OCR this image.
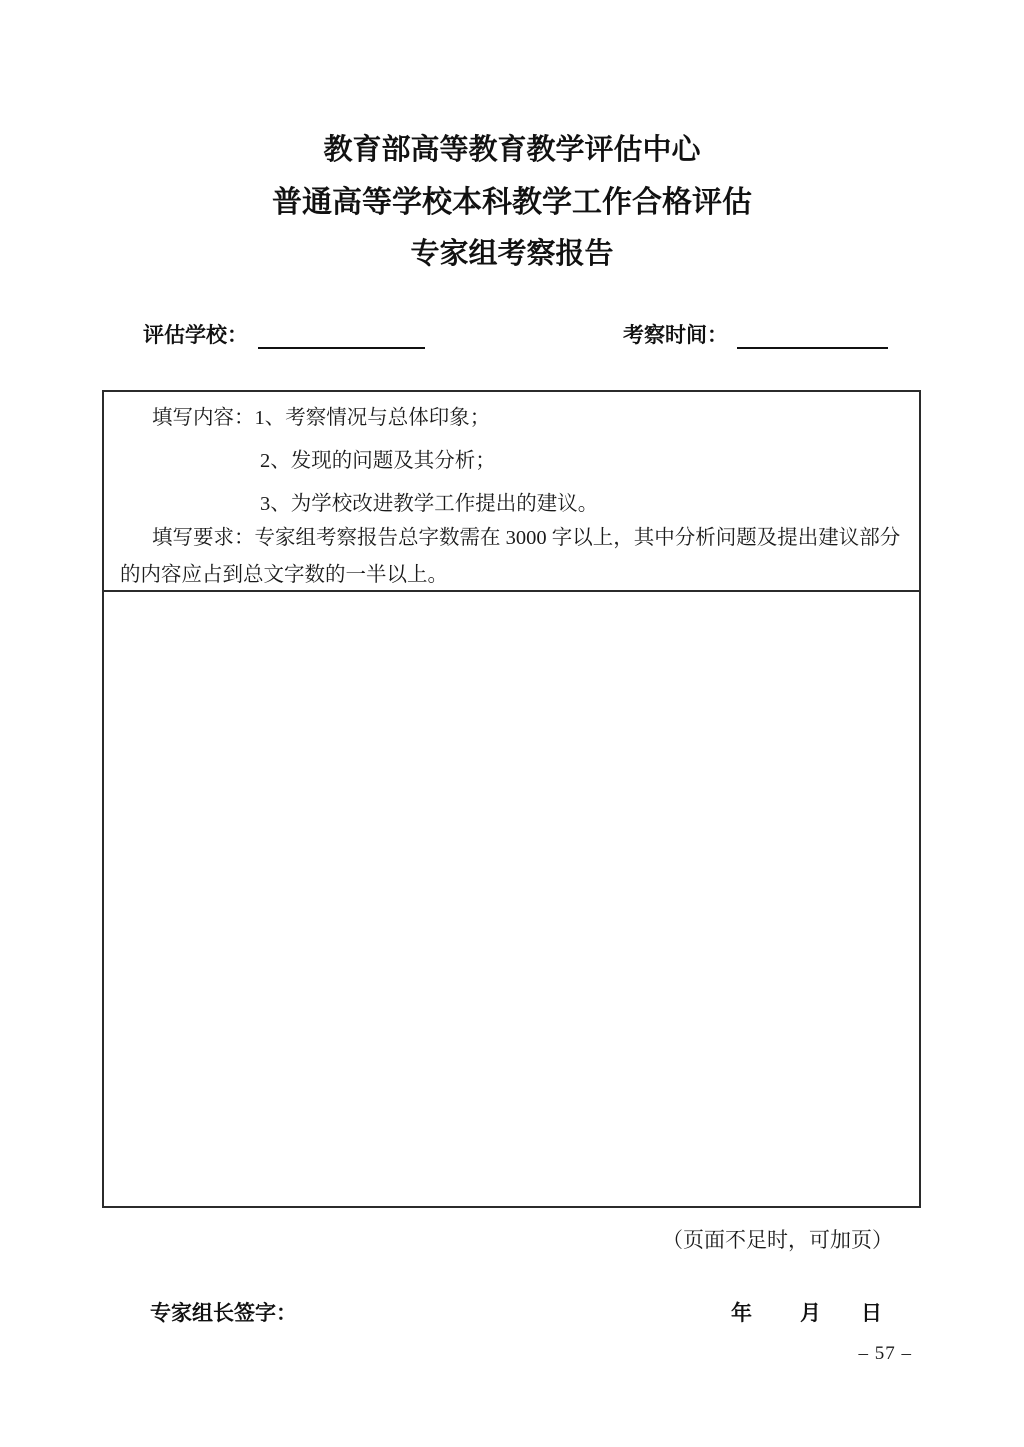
教育部高等教育教学评估中心
普通高等学校本科教学工作合格评估
专家组考察报告
评估学校：	考察时间：
填写内容：1、考察情况与总体印象；
2、发现的问题及其分析；
3、为学校改进教学工作提出的建议。
填写要求：专家组考察报告总字数需在 3000 字以上，其中分析问题及提出建议部分
的内容应占到总文字数的一半以上。
（页面不足时，可加页）
专家组长签字：	年 月 日
– 57 –
